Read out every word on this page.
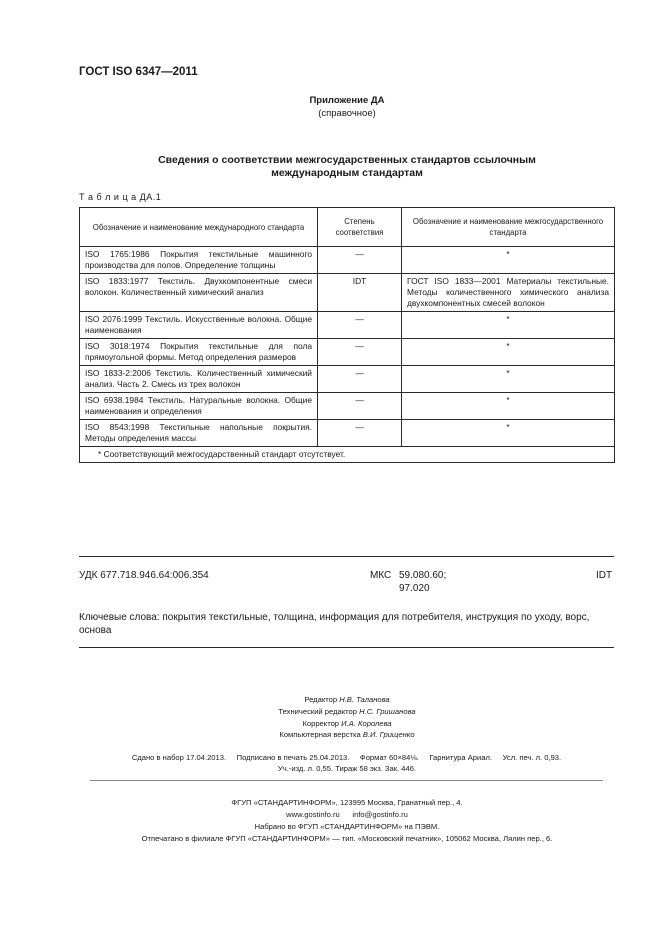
ГОСТ ISO 6347—2011
Приложение ДА
(справочное)
Сведения о соответствии межгосударственных стандартов ссылочным
международным стандартам
Т а б л и ц а ДА.1
Обозначение и наименование международного стандарта	Степень соответствия	Обозначение и наименование межгосударственного стандарта
ISO 1765:1986 Покрытия текстильные машинного производства для полов. Определение толщины	—	*
ISO 1833:1977 Текстиль. Двухкомпонентные смеси волокон. Количественный химический анализ	IDT	ГОСТ ISO 1833—2001 Материалы текстильные. Методы количественного химического анализа двухкомпонентных смесей волокон
ISO 2076:1999 Текстиль. Искусственные волокна. Общие наименования	—	*
ISO 3018:1974 Покрытия текстильные для пола прямоугольной формы. Метод определения размеров	—	*
ISO 1833-2:2006 Текстиль. Количественный химический анализ. Часть 2. Смесь из трех волокон	—	*
ISO 6938.1984 Текстиль. Натуральные волокна. Общие наименования и определения	—	*
ISO 8543:1998 Текстильные напольные покрытия. Методы определения массы	—	*
* Соответствующий межгосударственный стандарт отсутствует.		
УДК 677.718.946.64:006.354	МКС 59.080.60;
97.020
IDT
Ключевые слова: покрытия текстильные, толщина, информация для потребителя, инструкция по уходу, ворс, основа
Редактор Н.В. Таланова
Технический редактор Н.С. Гришанова
Корректор И.А. Королева
Компьютерная верстка В.И. Грищенко
Сдано в набор 17.04.2013.     Подписано в печать 25.04.2013.     Формат 60×84⅛.     Гарнитура Ариал.     Усл. печ. л. 0,93.
Уч.-изд. л. 0,55. Тираж 58 экз. Зак. 446.
ФГУП «СТАНДАРТИНФОРМ», 123995 Москва, Гранатный пер., 4.
www.gostinfo.ru      info@gostinfo.ru
Набрано во ФГУП «СТАНДАРТИНФОРМ» на ПЭВМ.
Отпечатано в филиале ФГУП «СТАНДАРТИНФОРМ» — тип. «Московский печатник», 105062 Москва, Лялин пер., 6.
